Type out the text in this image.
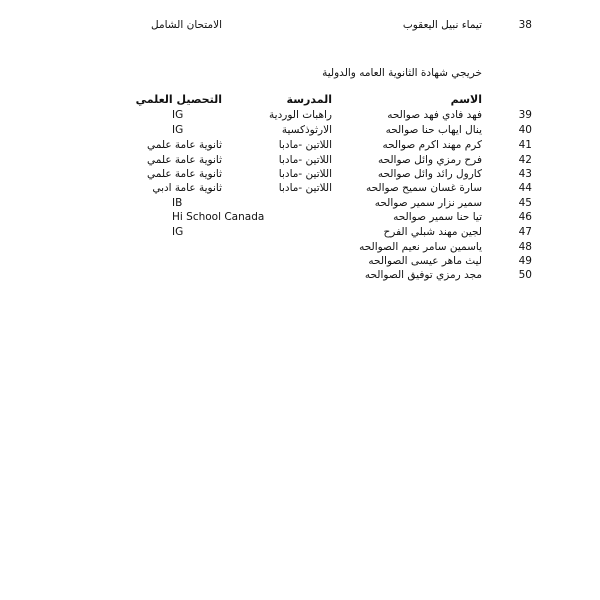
38
تيماء نبيل اليعقوب
الامتحان الشامل
خريجي شهادة الثانوية العامه والدولية
الاسم
المدرسة
التحصيل العلمي
39
فهد فادي فهد صوالحه
راهبات الوردية
IG
40
ينال ايهاب حنا صوالحه
الارثوذكسية
IG
41
كرم مهند اكرم صوالحه
اللاتين -مادبا
ثانوية عامة علمي
42
فرح رمزي وائل صوالحه
اللاتين -مادبا
ثانوية عامة علمي
43
كارول رائد وائل صوالحه
اللاتين -مادبا
ثانوية عامة علمي
44
سارة غسان سميح صوالحه
اللاتين -مادبا
ثانوية عامة ادبي
45
سمير نزار سمير صوالحه
IB
46
تيا حنا سمير صوالحه
Hi School Canada
47
لجين مهند شبلي الفرح
IG
48
ياسمين سامر نعيم الصوالحه
49
ليث ماهر عيسى الصوالحه
50
مجد رمزي توفيق الصوالحه
